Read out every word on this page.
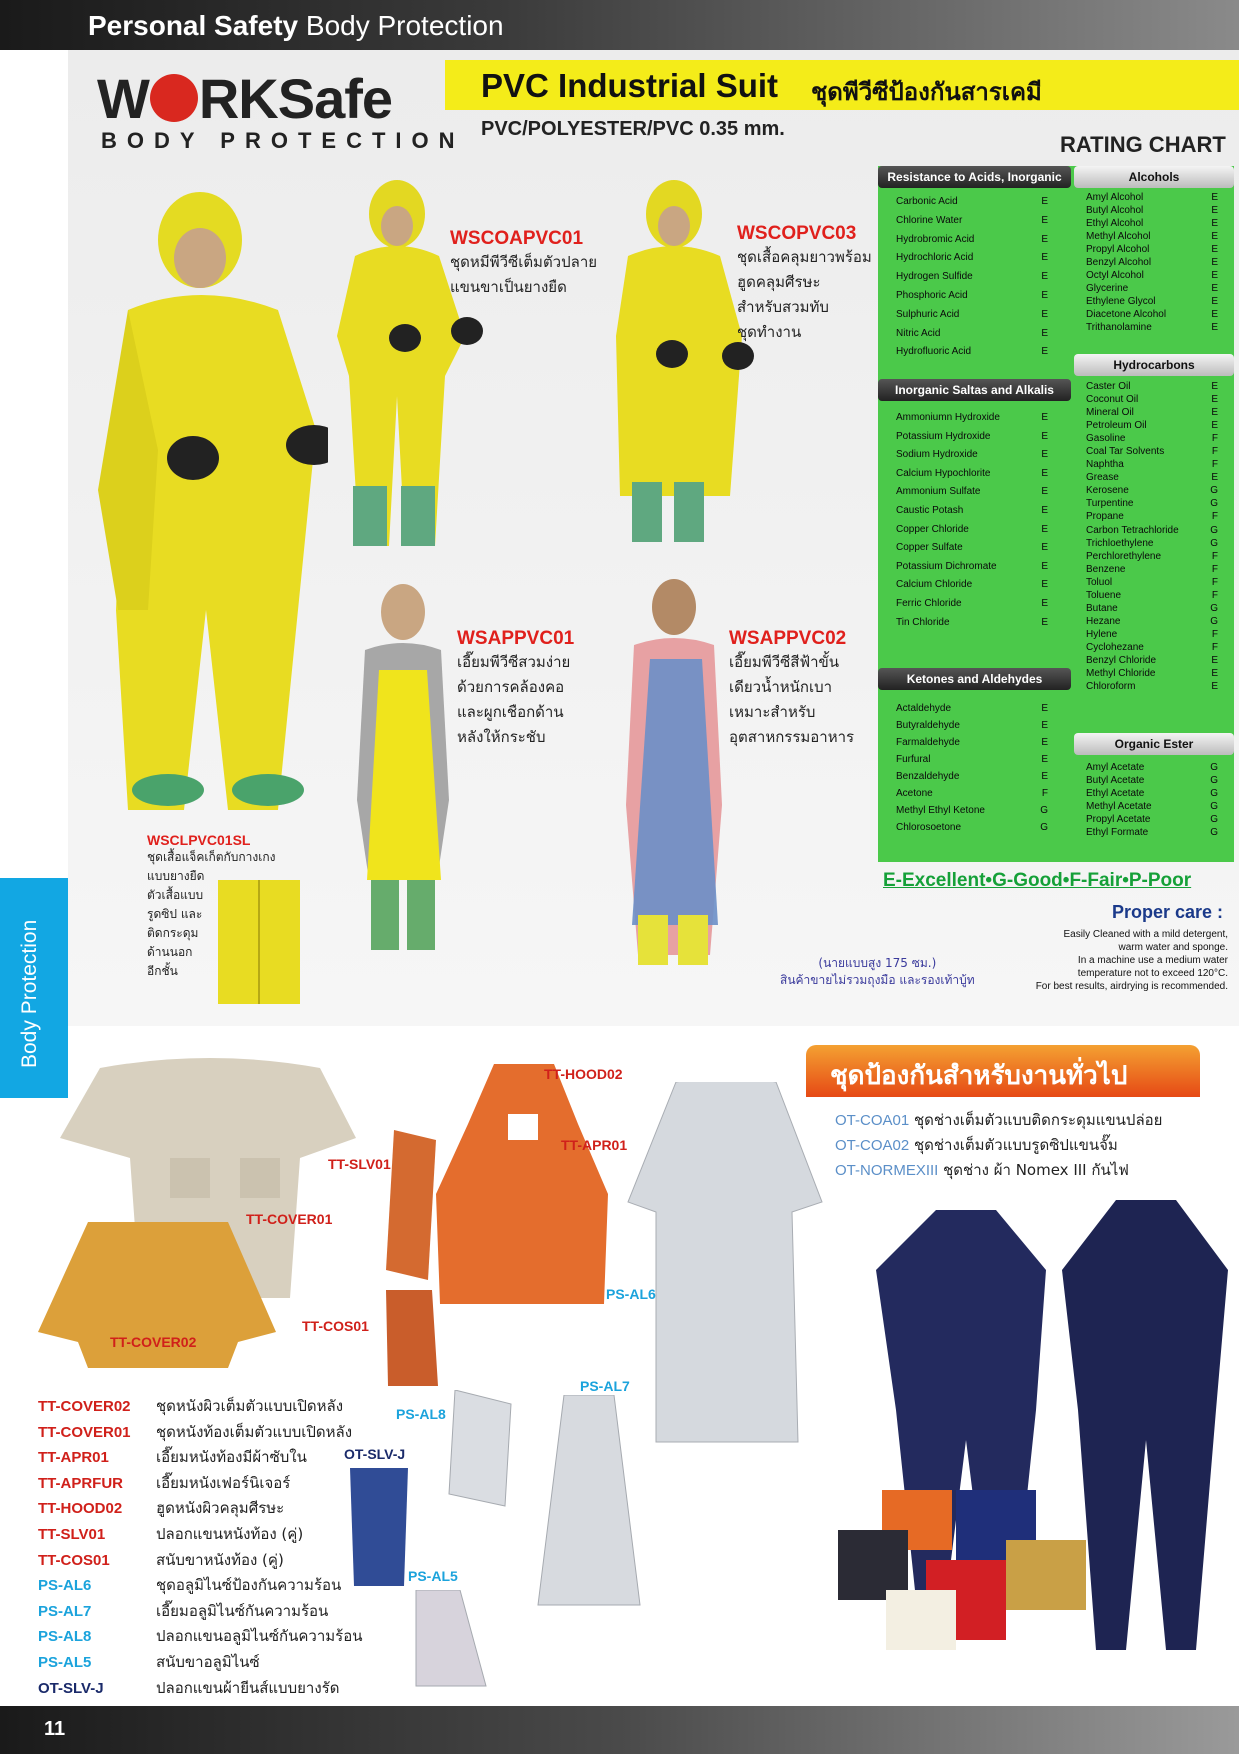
Personal Safety Body Protection
Body Protection
W RKSafe
BODY PROTECTION
PVC Industrial Suit ชุดพีวีซีป้องกันสารเคมี
PVC/POLYESTER/PVC 0.35 mm.
WSCOAPVC01
ชุดหมีพีวีซีเต็มตัวปลาย
แขนขาเป็นยางยืด
WSCOPVC03
ชุดเสื้อคลุมยาวพร้อม
ฮูดคลุมศีรษะ
สำหรับสวมทับ
ชุดทำงาน
WSAPPVC01
เอี๊ยมพีวีซีสวมง่าย
ด้วยการคล้องคอ
และผูกเชือกด้าน
หลังให้กระชับ
WSAPPVC02
เอี๊ยมพีวีซีสีฟ้าขั้น
เดียวน้ำหนักเบา
เหมาะสำหรับ
อุตสาหกรรมอาหาร
WSCLPVC01SL
ชุดเสื้อแจ็คเก็ตกับกางเกง
แบบยางยืด
ตัวเสื้อแบบ
รูดซิป และ
ติดกระดุม
ด้านนอก
อีกชั้น
(นายแบบสูง 175 ซม.)
สินค้าขายไม่รวมถุงมือ และรองเท้าบู้ท
RATING CHART
Resistance to Acids, Inorganic
Carbonic Acid	E
Chlorine Water	E
Hydrobromic Acid	E
Hydrochloric Acid	E
Hydrogen Sulfide	E
Phosphoric Acid	E
Sulphuric Acid	E
Nitric Acid	E
Hydrofluoric Acid	E
Inorganic Saltas and Alkalis
Ammoniumn Hydroxide	E
Potassium Hydroxide	E
Sodium Hydroxide	E
Calcium Hypochlorite	E
Ammonium Sulfate	E
Caustic Potash	E
Copper Chloride	E
Copper Sulfate	E
Potassium Dichromate	E
Calcium Chloride	E
Ferric Chloride	E
Tin Chloride	E
Ketones and Aldehydes
Actaldehyde	E
Butyraldehyde	E
Farmaldehyde	E
Furfural	E
Benzaldehyde	E
Acetone	F
Methyl Ethyl Ketone	G
Chlorosoetone	G
Alcohols
Amyl Alcohol	E
Butyl Alcohol	E
Ethyl Alcohol	E
Methyl Alcohol	E
Propyl Alcohol	E
Benzyl Alcohol	E
Octyl Alcohol	E
Glycerine	E
Ethylene Glycol	E
Diacetone Alcohol	E
Trithanolamine	E
Hydrocarbons
Caster Oil	E
Coconut Oil	E
Mineral Oil	E
Petroleum Oil	E
Gasoline	F
Coal Tar Solvents	F
Naphtha	F
Grease	E
Kerosene	G
Turpentine	G
Propane	F
Carbon Tetrachloride	G
Trichloethylene	G
Perchlorethylene	F
Benzene	F
Toluol	F
Toluene	F
Butane	G
Hezane	G
Hylene	F
Cyclohezane	F
Benzyl Chloride	E
Methyl Chloride	E
Chloroform	E
Organic Ester
Amyl Acetate	G
Butyl Acetate	G
Ethyl Acetate	G
Methyl Acetate	G
Propyl Acetate	G
Ethyl Formate	G
E-Excellent•G-Good•F-Fair•P-Poor
Proper care :
Easily Cleaned with a mild detergent,
warm water and sponge.
In a machine use a medium water
temperature not to exceed 120°C.
For best results, airdrying is recommended.
ชุดป้องกันสำหรับงานทั่วไป
OT-COA01 ชุดช่างเต็มตัวแบบติดกระดุมแขนปล่อย
OT-COA02 ชุดช่างเต็มตัวแบบรูดซิปแขนจั๊ม
OT-NORMEXIII ชุดช่าง ผ้า Nomex III กันไฟ
TT-HOOD02
TT-APR01
TT-SLV01
TT-COVER01
TT-COVER02
TT-COS01
PS-AL6
PS-AL7
PS-AL8
OT-SLV-J
PS-AL5
TT-COVER02 ชุดหนังผิวเต็มตัวแบบเปิดหลัง
TT-COVER01 ชุดหนังท้องเต็มตัวแบบเปิดหลัง
TT-APR01	เอี๊ยมหนังท้องมีผ้าซับใน
TT-APRFUR เอี๊ยมหนังเฟอร์นิเจอร์
TT-HOOD02 ฮูดหนังผิวคลุมศีรษะ
TT-SLV01	ปลอกแขนหนังท้อง (คู่)
TT-COS01	สนับขาหนังท้อง (คู่)
PS-AL6	ชุดอลูมิไนซ์ป้องกันความร้อน
PS-AL7	เอี๊ยมอลูมิไนซ์กันความร้อน
PS-AL8	ปลอกแขนอลูมิไนซ์กันความร้อน
PS-AL5	สนับขาอลูมิไนซ์
OT-SLV-J	ปลอกแขนผ้ายีนส์แบบยางรัด
11
